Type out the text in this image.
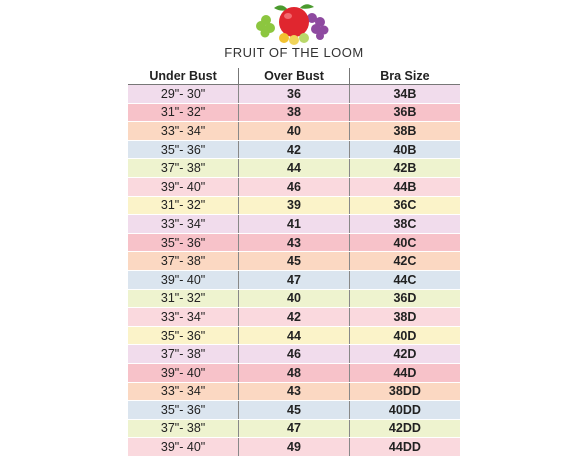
FRUIT OF THE LOOM
Under Bust	Over Bust	Bra Size
29"- 30"	36	34B
31"- 32"	38	36B
33"- 34"	40	38B
35"- 36"	42	40B
37"- 38"	44	42B
39"- 40"	46	44B
31"- 32"	39	36C
33"- 34"	41	38C
35"- 36"	43	40C
37"- 38"	45	42C
39"- 40"	47	44C
31"- 32"	40	36D
33"- 34"	42	38D
35"- 36"	44	40D
37"- 38"	46	42D
39"- 40"	48	44D
33"- 34"	43	38DD
35"- 36"	45	40DD
37"- 38"	47	42DD
39"- 40"	49	44DD
